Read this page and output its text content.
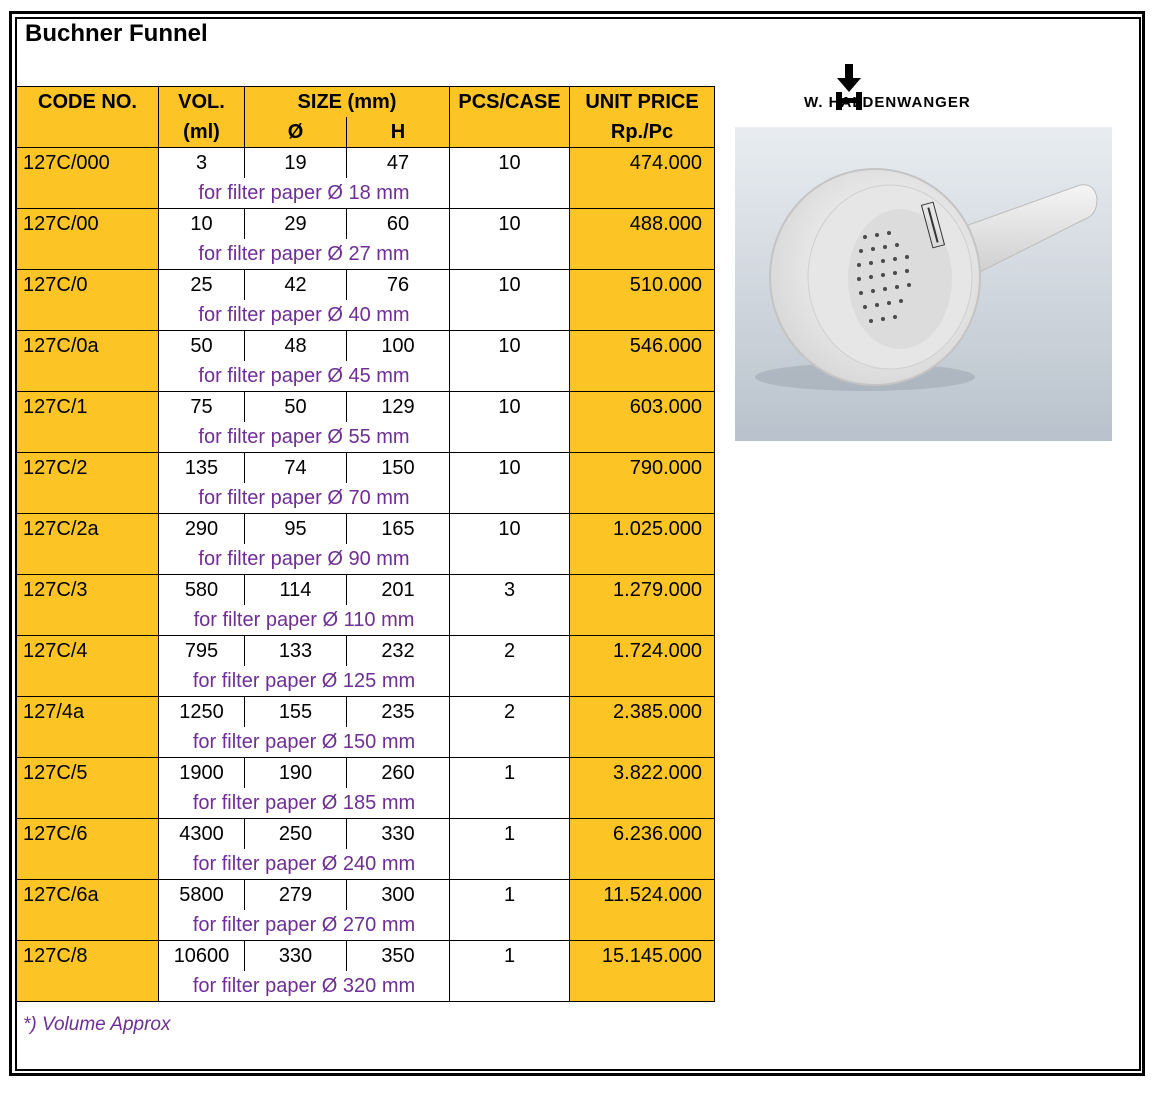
Buchner Funnel
CODE NO.	VOL.	SIZE (mm)		PCS/CASE	UNIT PRICE
	(ml)	Ø	H		Rp./Pc
127C/000	3	19	47	10	474.000
	for filter paper Ø 18 mm				
127C/00	10	29	60	10	488.000
	for filter paper Ø 27 mm				
127C/0	25	42	76	10	510.000
	for filter paper Ø 40 mm				
127C/0a	50	48	100	10	546.000
	for filter paper Ø 45 mm				
127C/1	75	50	129	10	603.000
	for filter paper Ø 55 mm				
127C/2	135	74	150	10	790.000
	for filter paper Ø 70 mm				
127C/2a	290	95	165	10	1.025.000
	for filter paper Ø 90 mm				
127C/3	580	114	201	3	1.279.000
	for filter paper Ø 110 mm				
127C/4	795	133	232	2	1.724.000
	for filter paper Ø 125 mm				
127/4a	1250	155	235	2	2.385.000
	for filter paper Ø 150 mm				
127C/5	1900	190	260	1	3.822.000
	for filter paper Ø 185 mm				
127C/6	4300	250	330	1	6.236.000
	for filter paper Ø 240 mm				
127C/6a	5800	279	300	1	11.524.000
	for filter paper Ø 270 mm				
127C/8	10600	330	350	1	15.145.000
	for filter paper Ø 320 mm				
*) Volume Approx
W. HALDENWANGER
